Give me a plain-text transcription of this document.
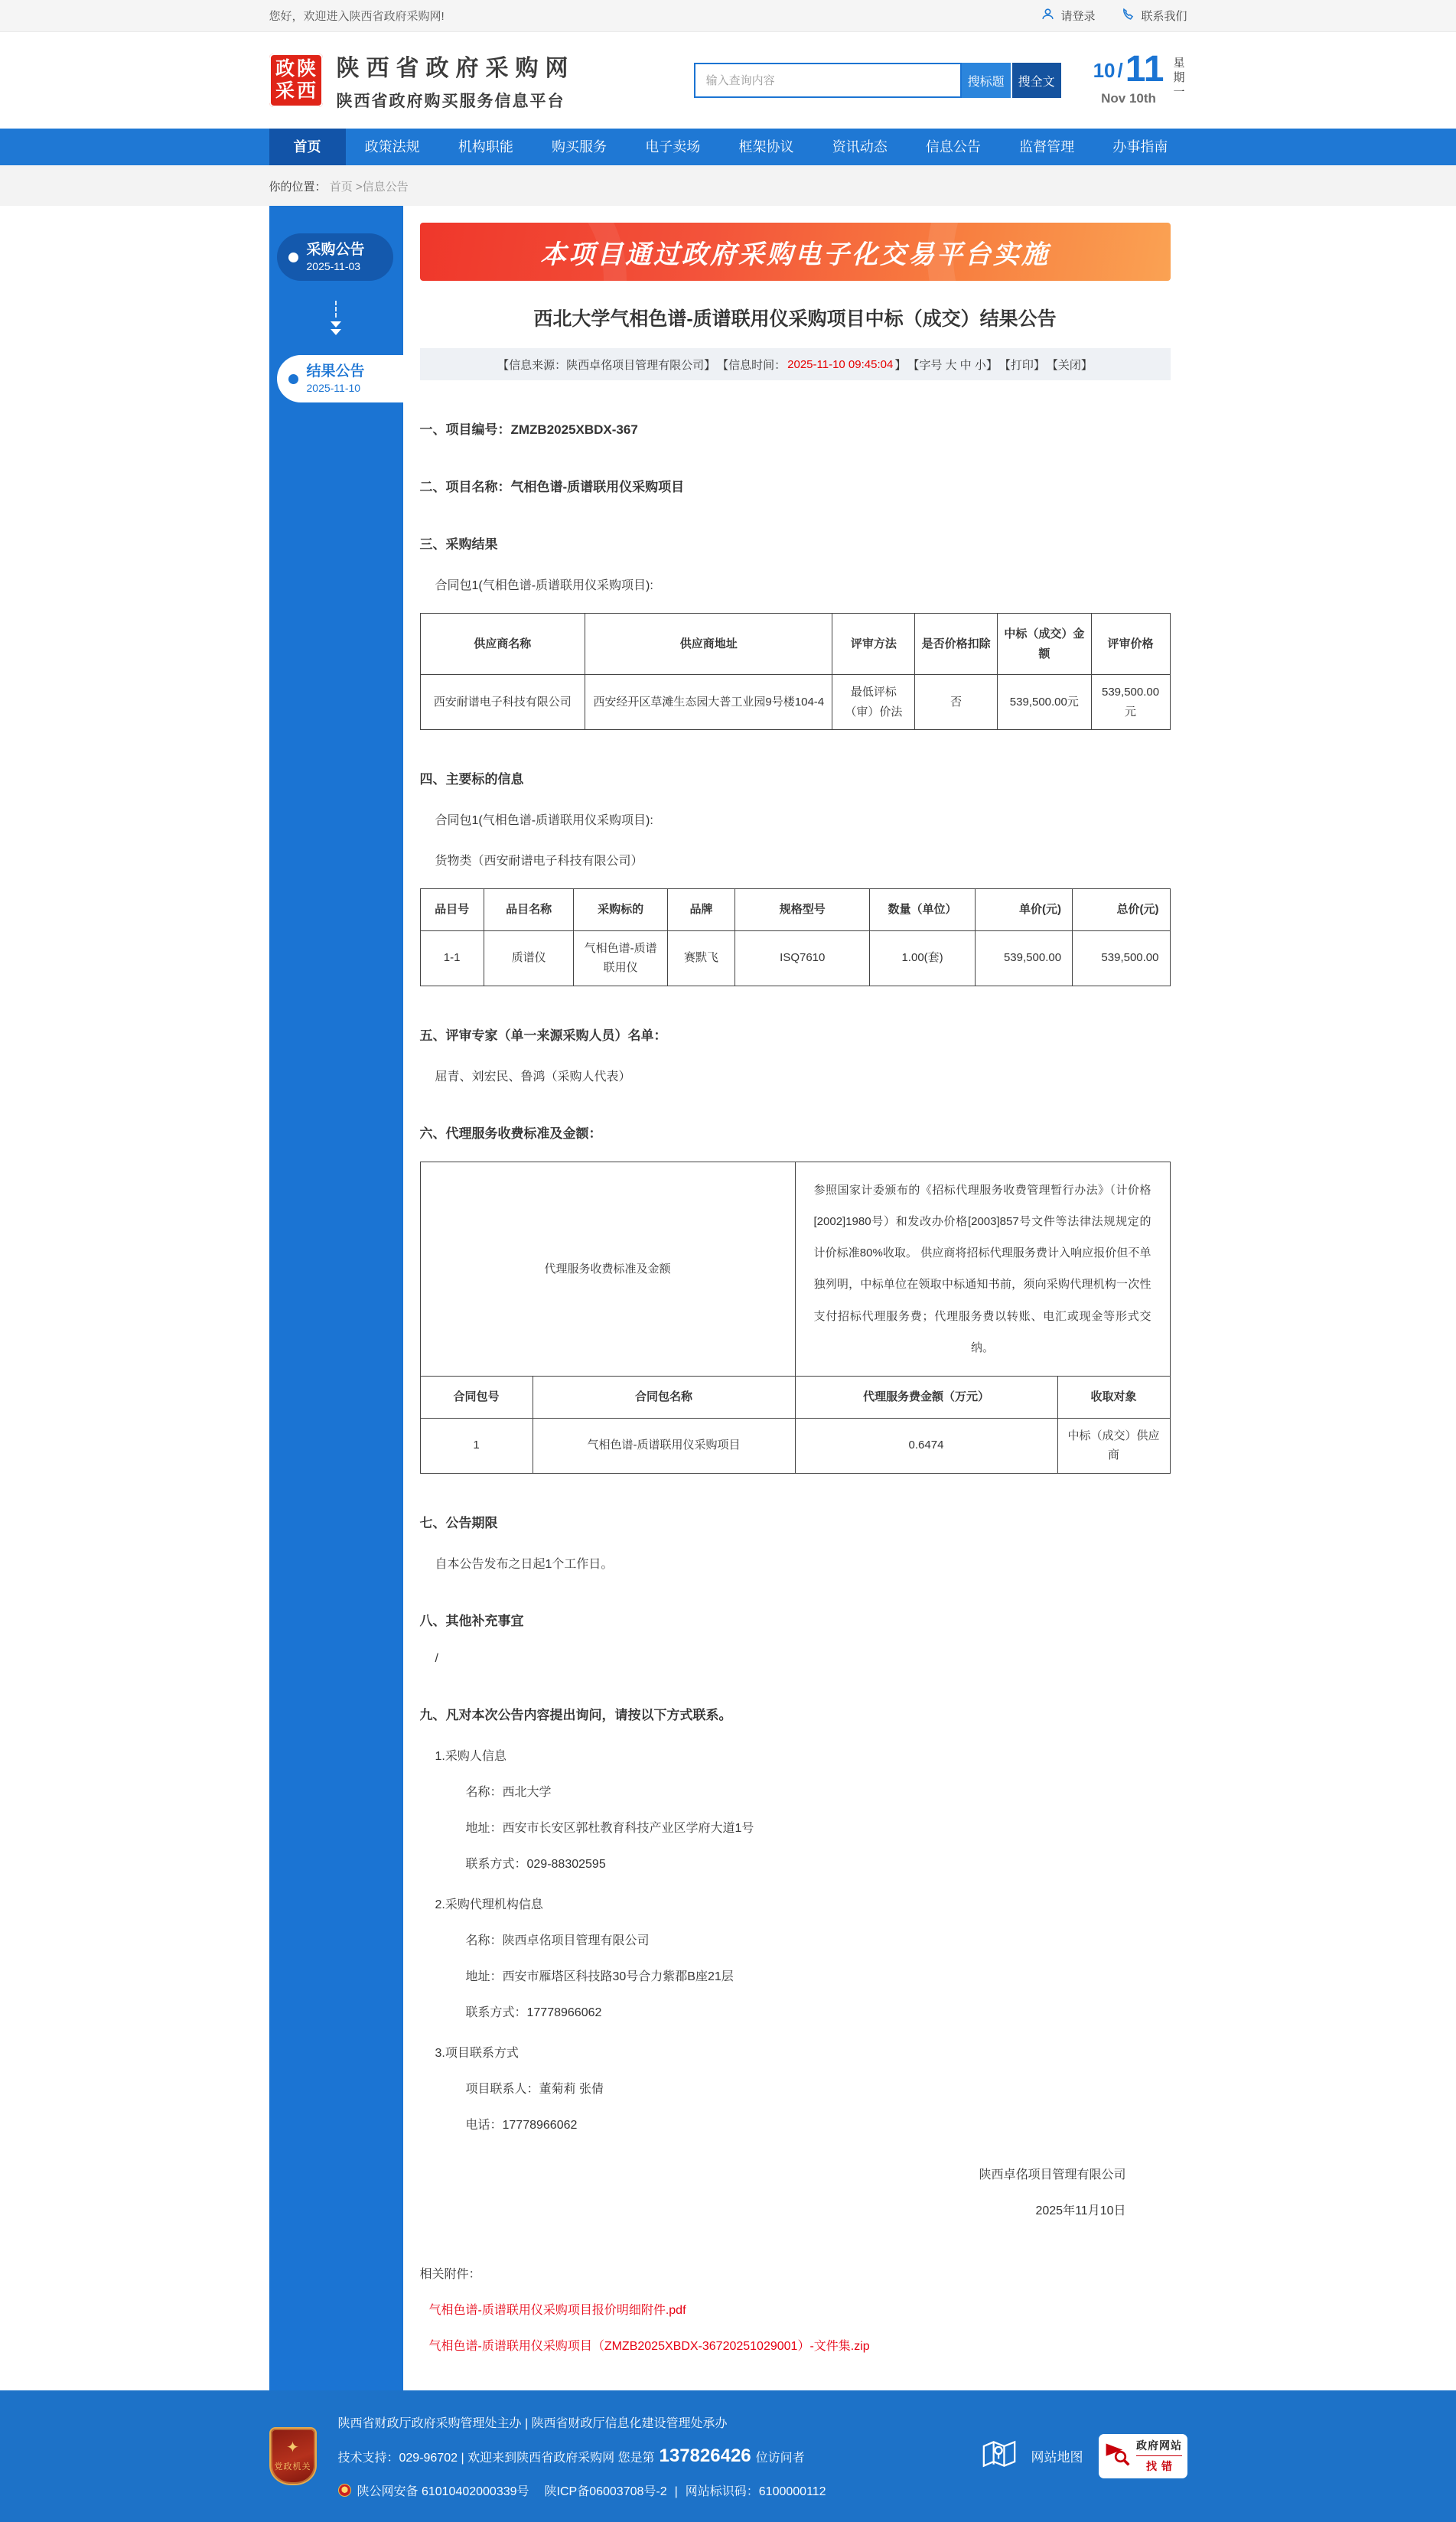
您好，欢迎进入陕西省政府采购网!	请登录	联系我们
政陕
采西
陕西省政府采购网
陕西省政府购买服务信息平台
输入查询内容
搜标题	搜全文	10 / 11
Nov 10th
星
期
一
首页	政策法规	机构职能	购买服务	电子卖场	框架协议	资讯动态	信息公告	监督管理	办事指南
你的位置： 首页 >信息公告
采购公告
2025-11-03
结果公告
2025-11-10
本项目通过政府采购电子化交易平台实施
西北大学气相色谱-质谱联用仪采购项目中标（成交）结果公告
【信息来源：陕西卓佲项目管理有限公司】 【信息时间： 2025-11-10 09:45:04 】 【字号 大 中 小】 【打印】 【关闭】
一、项目编号：ZMZB2025XBDX-367
二、项目名称：气相色谱-质谱联用仪采购项目
三、采购结果
合同包1(气相色谱-质谱联用仪采购项目):
供应商名称	供应商地址	评审方法	是否价格扣除	中标（成交）金额	评审价格
西安耐谱电子科技有限公司	西安经开区草滩生态园大普工业园9号楼104-4	最低评标（审）价法	否	539,500.00元	539,500.00元
四、主要标的信息
合同包1(气相色谱-质谱联用仪采购项目):
货物类（西安耐谱电子科技有限公司）
品目号	品目名称	采购标的	品牌	规格型号	数量（单位）	单价(元)	总价(元)
1-1	质谱仪	气相色谱-质谱联用仪	赛默飞	ISQ7610	1.00(套)	539,500.00	539,500.00
五、评审专家（单一来源采购人员）名单：
屈青、刘宏民、鲁鸿（采购人代表）
六、代理服务收费标准及金额：
代理服务收费标准及金额		参照国家计委颁布的《招标代理服务收费管理暂行办法》（计价格[2002]1980号）和发改办价格[2003]857号文件等法律法规规定的计价标准80%收取。 供应商将招标代理服务费计入响应报价但不单独列明，中标单位在领取中标通知书前，须向采购代理机构一次性支付招标代理服务费；代理服务费以转账、电汇或现金等形式交纳。	
合同包号	合同包名称	代理服务费金额（万元）	收取对象
1	气相色谱-质谱联用仪采购项目	0.6474	中标（成交）供应商
七、公告期限
自本公告发布之日起1个工作日。
八、其他补充事宜
/
九、凡对本次公告内容提出询问，请按以下方式联系。
1.采购人信息
名称：西北大学
地址：西安市长安区郭杜教育科技产业区学府大道1号
联系方式：029-88302595
2.采购代理机构信息
名称：陕西卓佲项目管理有限公司
地址：西安市雁塔区科技路30号合力紫郡B座21层
联系方式：17778966062
3.项目联系方式
项目联系人：董菊莉 张倩
电话：17778966062
陕西卓佲项目管理有限公司
2025年11月10日
相关附件：
气相色谱-质谱联用仪采购项目报价明细附件.pdf
气相色谱-质谱联用仪采购项目（ZMZB2025XBDX-36720251029001）-文件集.zip
✦
党政机关
陕西省财政厅政府采购管理处主办 | 陕西省财政厅信息化建设管理处承办
技术支持：029-96702 | 欢迎来到陕西省政府采购网 您是第 137826426 位访问者
陕公网安备 61010402000339号 陕ICP备06003708号-2 | 网站标识码：6100000112
网站地图
政府网站
找错
